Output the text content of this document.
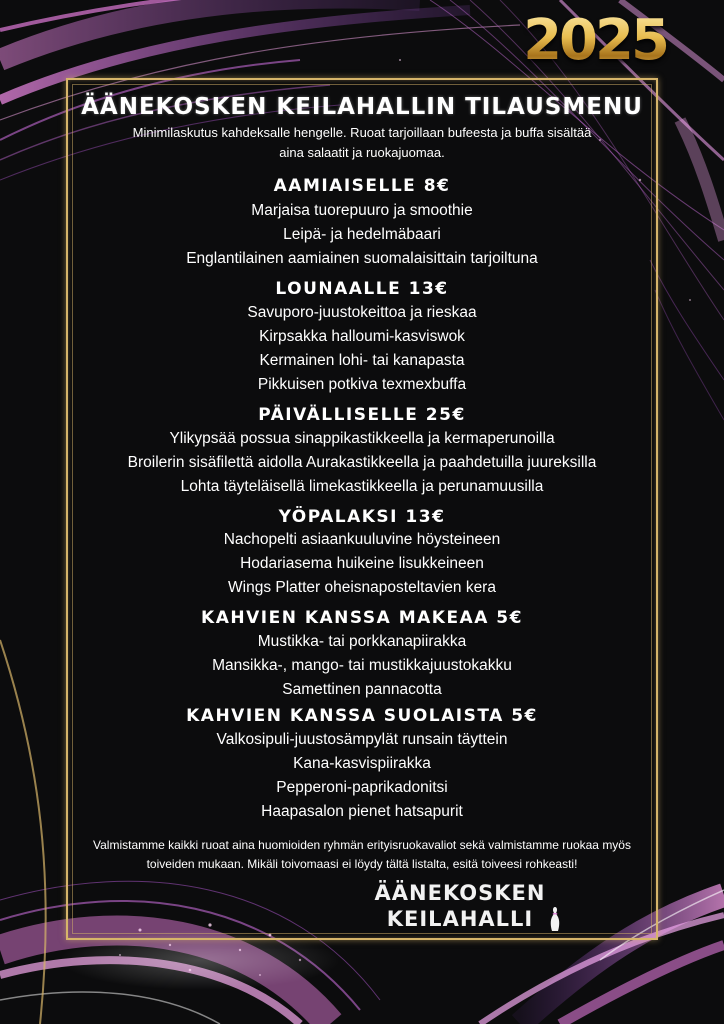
2025
ÄÄNEKOSKEN KEILAHALLIN TILAUSMENU
Minimilaskutus kahdeksalle hengelle. Ruoat tarjoillaan bufeesta ja buffa sisältää aina salaatit ja ruokajuomaa.
AAMIAISELLE 8€
Marjaisa tuorepuuro ja smoothie
Leipä- ja hedelmäbaari
Englantilainen aamiainen suomalaisittain tarjoiltuna
LOUNAALLE 13€
Savuporo-juustokeittoa ja rieskaa
Kirpsakka halloumi-kasviswok
Kermainen lohi- tai kanapasta
Pikkuisen potkiva texmexbuffa
PÄIVÄLLISELLE 25€
Ylikypsää possua sinappikastikkeella ja kermaperunoilla
Broilerin sisäfilettä aidolla Aurakastikkeella ja paahdetuilla juureksilla
Lohta täyteläisellä limekastikkeella ja perunamuusilla
YÖPALAKSI 13€
Nachopelti asiaankuuluvine höysteineen
Hodariasema huikeine lisukkeineen
Wings Platter oheisnaposteltavien kera
KAHVIEN KANSSA MAKEAA 5€
Mustikka- tai porkkanapiirakka
Mansikka-, mango- tai mustikkajuustokakku
Samettinen pannacotta
KAHVIEN KANSSA SUOLAISTA 5€
Valkosipuli-juustosämpylät runsain täyttein
Kana-kasvispiirakka
Pepperoni-paprikadonitsi
Haapasalon pienet hatsapurit
Valmistamme kaikki ruoat aina huomioiden ryhmän erityisruokavaliot sekä valmistamme ruokaa myös toiveiden mukaan. Mikäli toivomaasi ei löydy tältä listalta, esitä toiveesi rohkeasti!
ÄÄNEKOSKEN
KEILAHALLI
